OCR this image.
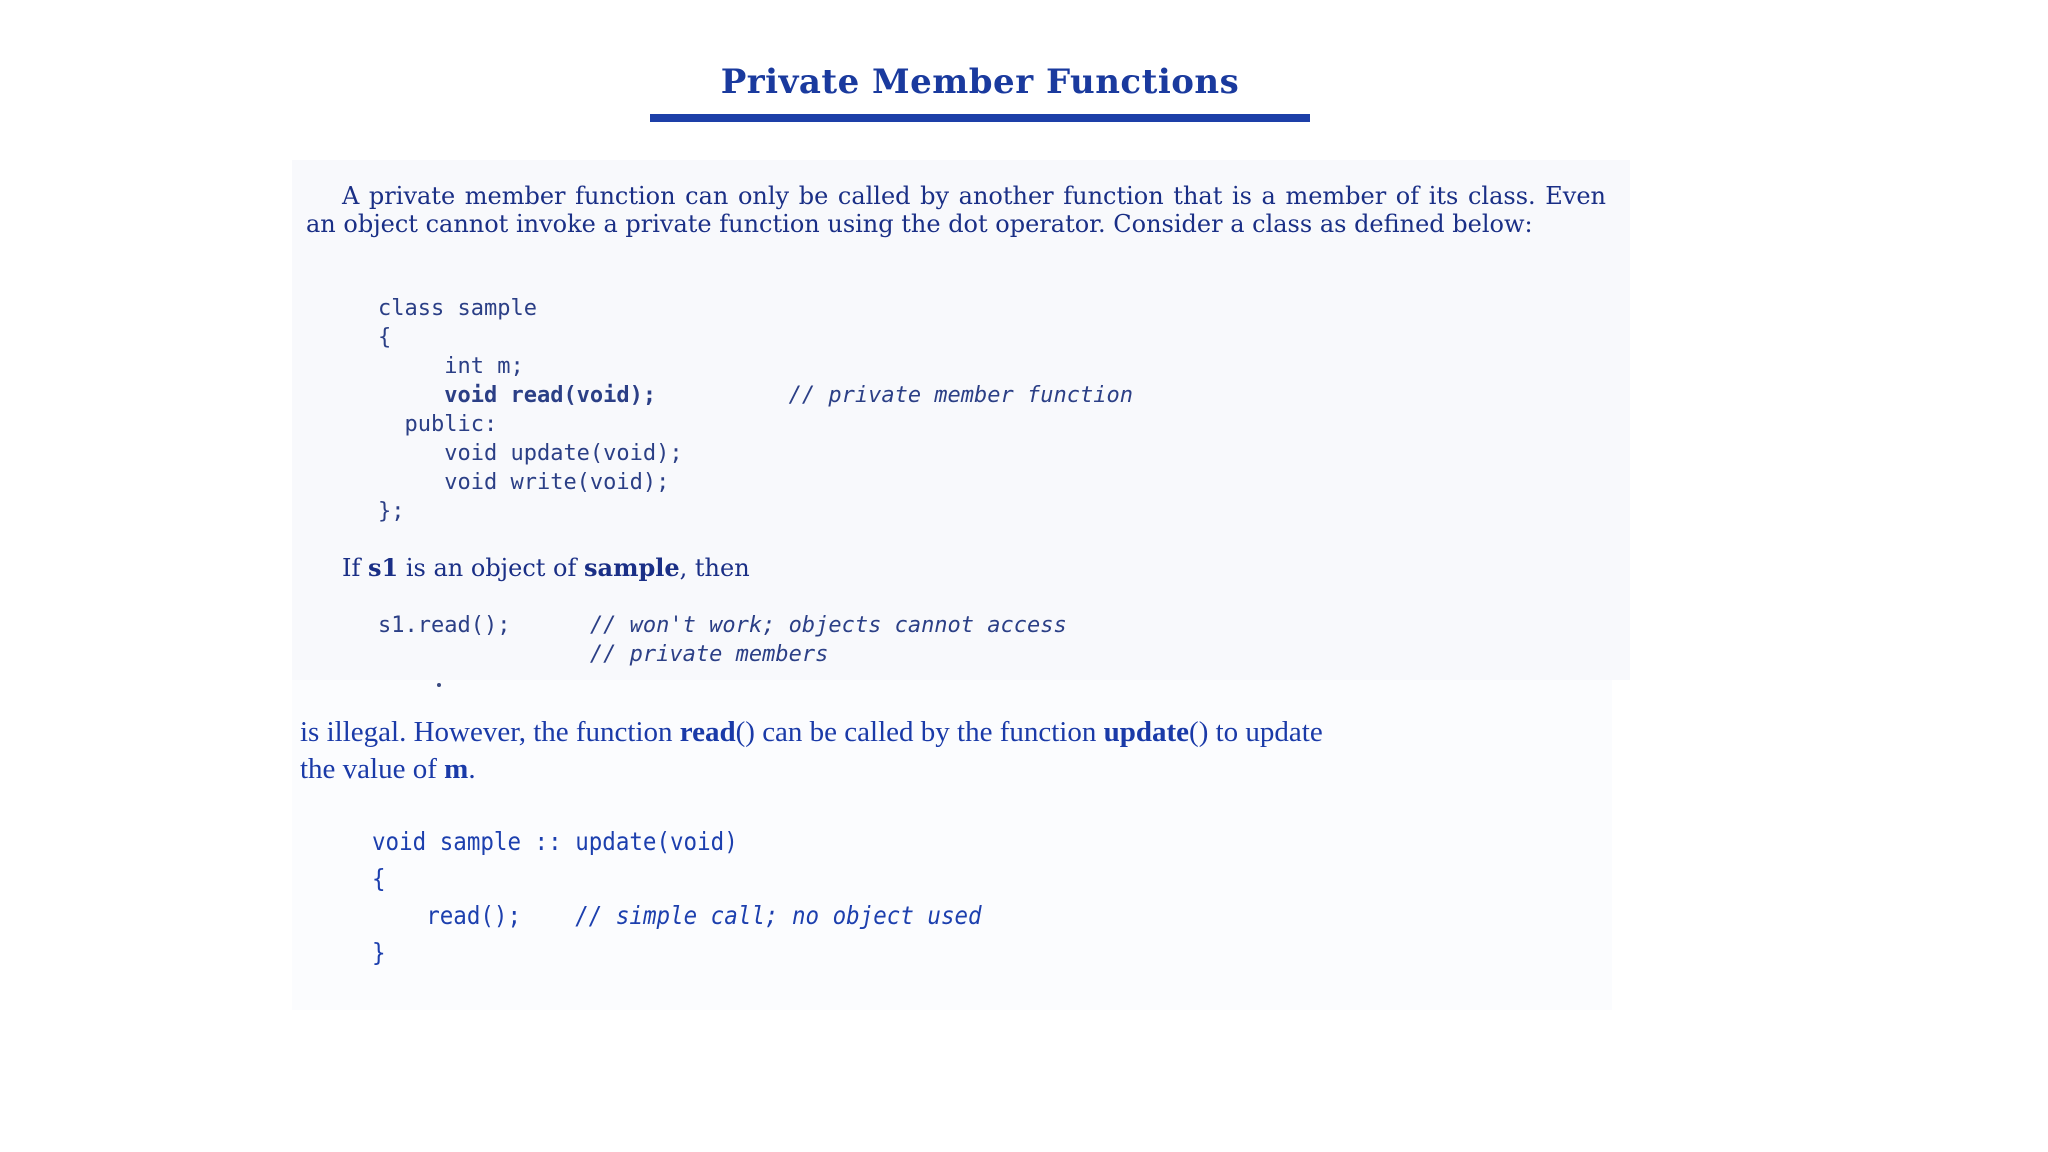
Private Member Functions

A private member function can only be called by another function that is a member of its class. Even an object cannot invoke a private function using the dot operator. Consider a class as defined below:

class sample
{
int m;
void read(void);	// private member function
public:
void update(void);
void write(void);
};

If s1 is an object of sample, then

s1.read();	// won't work; objects cannot access
// private members

is illegal. However, the function read() can be called by the function update() to update
the value of m.

void sample :: update(void)
{
read(); // simple call; no object used
}
